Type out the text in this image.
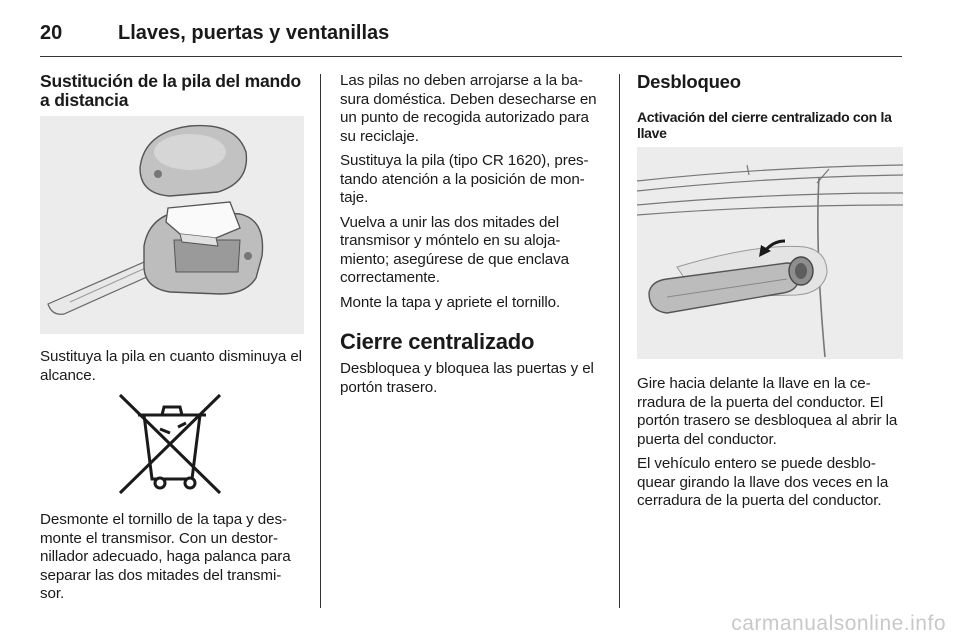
20	Llaves, puertas y ventanillas
Sustitución de la pila del mando a distancia

Sustituya la pila en cuanto disminuya el alcance.

Desmonte el tornillo de la tapa y des- monte el transmisor. Con un destor- nillador adecuado, haga palanca para separar las dos mitades del transmi- sor.

Las pilas no deben arrojarse a la ba- sura doméstica. Deben desecharse en un punto de recogida autorizado para su reciclaje.

Sustituya la pila (tipo CR 1620), pres- tando atención a la posición de mon- taje.

Vuelva a unir las dos mitades del transmisor y móntelo en su aloja- miento; asegúrese de que enclava correctamente.

Monte la tapa y apriete el tornillo.

Cierre centralizado

Desbloquea y bloquea las puertas y el portón trasero.

Desbloqueo
Activación del cierre centralizado con la llave

Gire hacia delante la llave en la ce- rradura de la puerta del conductor. El portón trasero se desbloquea al abrir la puerta del conductor.

El vehículo entero se puede desblo- quear girando la llave dos veces en la cerradura de la puerta del conductor.

carmanualsonline.info
